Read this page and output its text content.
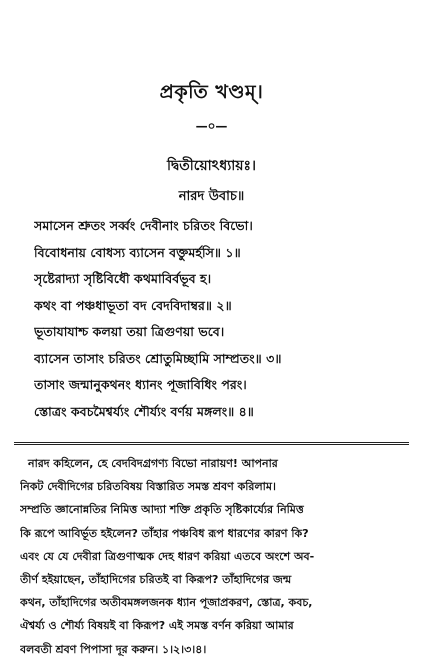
প্রকৃতি খণ্ডম্।
—০—
দ্বিতীয়োঽধ্যায়ঃ।
নারদ উবাচ॥
সমাসেন শ্রুতং সর্ব্বং দেবীনাং চরিতং বিভো।
বিবোধনায় বোধস্য ব্যাসেন বক্তুমর্হসি॥ ১॥
সৃষ্টেরাদ্যা সৃষ্টিবিধৌ কথমাবির্বভূব হ।
কথং বা পঞ্চধাভূতা বদ বেদবিদাম্বর॥ ২॥
ভূতাযাযাশ্চ কলয়া তয়া ত্রিগুণয়া ভবে।
ব্যাসেন তাসাং চরিতং শ্রোতুমিচ্ছামি সাম্প্রতং॥ ৩॥
তাসাং জন্মানুকথনং ধ্যানং পূজাবিধিং পরং।
স্তোত্রং কবচমৈশ্বর্য্যং শৌর্য্যং বর্ণয় মঙ্গলং॥ ৪॥
নারদ কহিলেন, হে বেদবিদগ্রগণ্য বিভো নারায়ণ! আপনার
নিকট দেবীদিগের চরিতবিষয় বিস্তারিত সমস্ত শ্রবণ করিলাম।
সম্প্রতি জ্ঞানোন্নতির নিমিত্ত আদ্যা শক্তি প্রকৃতি সৃষ্টিকার্য্যের নিমিত্ত
কি রূপে আবির্ভূত হইলেন? তাঁহার পঞ্চবিধ রূপ ধারণের কারণ কি?
এবং যে যে দেবীরা ত্রিগুণাত্মক দেহ ধারণ করিয়া এতবে অংশে অব-
তীর্ণ হইয়াছেন, তাঁহাদিগের চরিতই বা কিরূপ? তাঁহাদিগের জন্ম
কথন, তাঁহাদিগের অতীবমঙ্গলজনক ধ্যান পূজাপ্রকরণ, স্তোত্র, কবচ,
ঐশ্বর্য্য ও শৌর্য্য বিষয়ই বা কিরূপ? এই সমস্ত বর্ণন করিয়া আমার
বলবতী শ্রবণ পিপাসা দূর করুন। ১।২।৩।৪।
